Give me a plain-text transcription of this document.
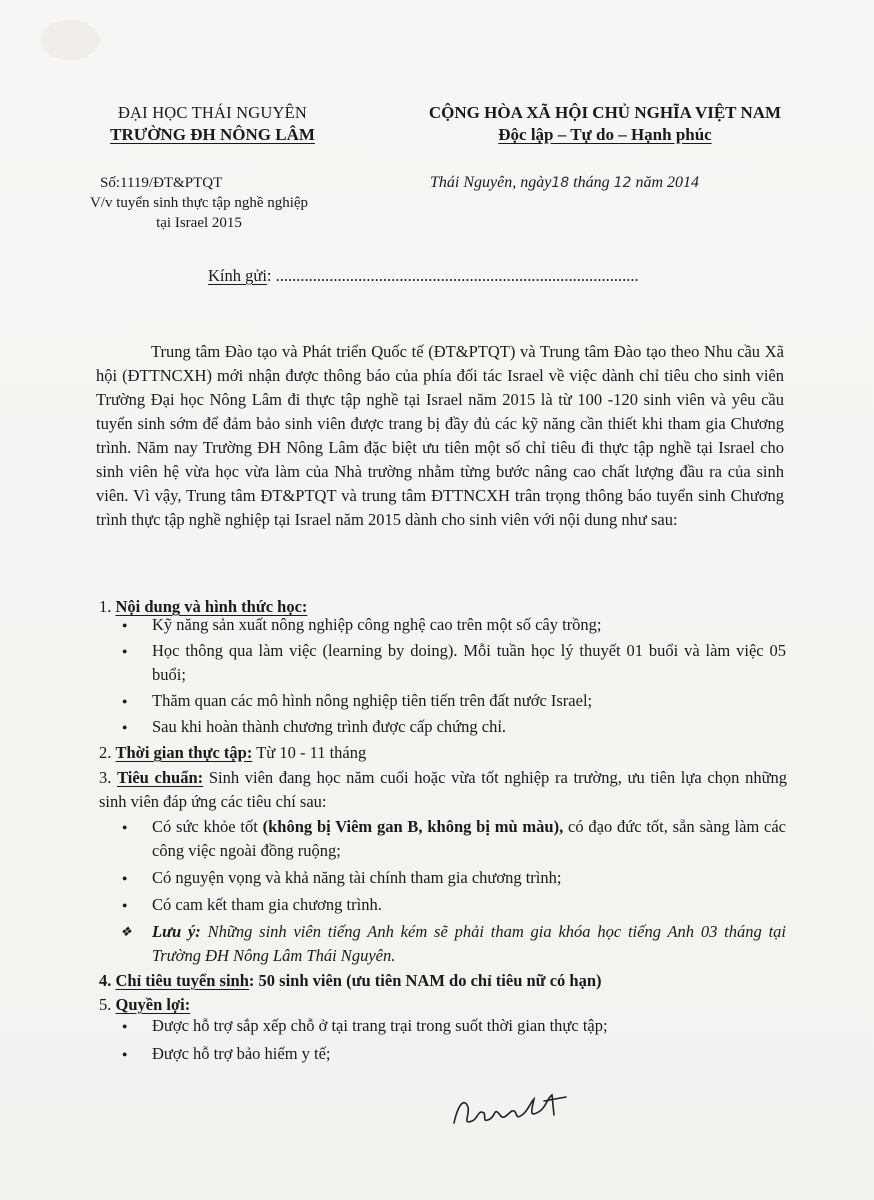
ĐẠI HỌC THÁI NGUYÊN
TRƯỜNG ĐH NÔNG LÂM
CỘNG HÒA XÃ HỘI CHỦ NGHĨA VIỆT NAM
Độc lập – Tự do – Hạnh phúc
Số:1119/ĐT&PTQT
V/v tuyển sinh thực tập nghề nghiệp
tại Israel 2015
Thái Nguyên, ngày18 tháng 12 năm 2014
Kính gửi: ........................................................................................
Trung tâm Đào tạo và Phát triển Quốc tế (ĐT&PTQT) và Trung tâm Đào tạo theo Nhu cầu Xã hội (ĐTTNCXH) mới nhận được thông báo của phía đối tác Israel về việc dành chỉ tiêu cho sinh viên Trường Đại học Nông Lâm đi thực tập nghề tại Israel năm 2015 là từ 100 -120 sinh viên và yêu cầu tuyển sinh sớm để đảm bảo sinh viên được trang bị đầy đủ các kỹ năng cần thiết khi tham gia Chương trình. Năm nay Trường ĐH Nông Lâm đặc biệt ưu tiên một số chỉ tiêu đi thực tập nghề tại Israel cho sinh viên hệ vừa học vừa làm của Nhà trường nhằm từng bước nâng cao chất lượng đầu ra của sinh viên. Vì vậy, Trung tâm ĐT&PTQT và trung tâm ĐTTNCXH trân trọng thông báo tuyển sinh Chương trình thực tập nghề nghiệp tại Israel năm 2015 dành cho sinh viên với nội dung như sau:
1. Nội dung và hình thức học:
● Kỹ năng sản xuất nông nghiệp công nghệ cao trên một số cây trồng;
● Học thông qua làm việc (learning by doing). Mỗi tuần học lý thuyết 01 buổi và làm việc 05 buổi;
● Thăm quan các mô hình nông nghiệp tiên tiến trên đất nước Israel;
● Sau khi hoàn thành chương trình được cấp chứng chỉ.
2. Thời gian thực tập: Từ 10 - 11 tháng
3. Tiêu chuẩn: Sinh viên đang học năm cuối hoặc vừa tốt nghiệp ra trường, ưu tiên lựa chọn những sinh viên đáp ứng các tiêu chí sau:
● Có sức khỏe tốt (không bị Viêm gan B, không bị mù màu), có đạo đức tốt, sẵn sàng làm các công việc ngoài đồng ruộng;
● Có nguyện vọng và khả năng tài chính tham gia chương trình;
● Có cam kết tham gia chương trình.
❖ Lưu ý: Những sinh viên tiếng Anh kém sẽ phải tham gia khóa học tiếng Anh 03 tháng tại Trường ĐH Nông Lâm Thái Nguyên.
4. Chỉ tiêu tuyển sinh: 50 sinh viên (ưu tiên NAM do chỉ tiêu nữ có hạn)
5. Quyền lợi:
● Được hỗ trợ sắp xếp chỗ ở tại trang trại trong suốt thời gian thực tập;
● Được hỗ trợ bảo hiểm y tế;
